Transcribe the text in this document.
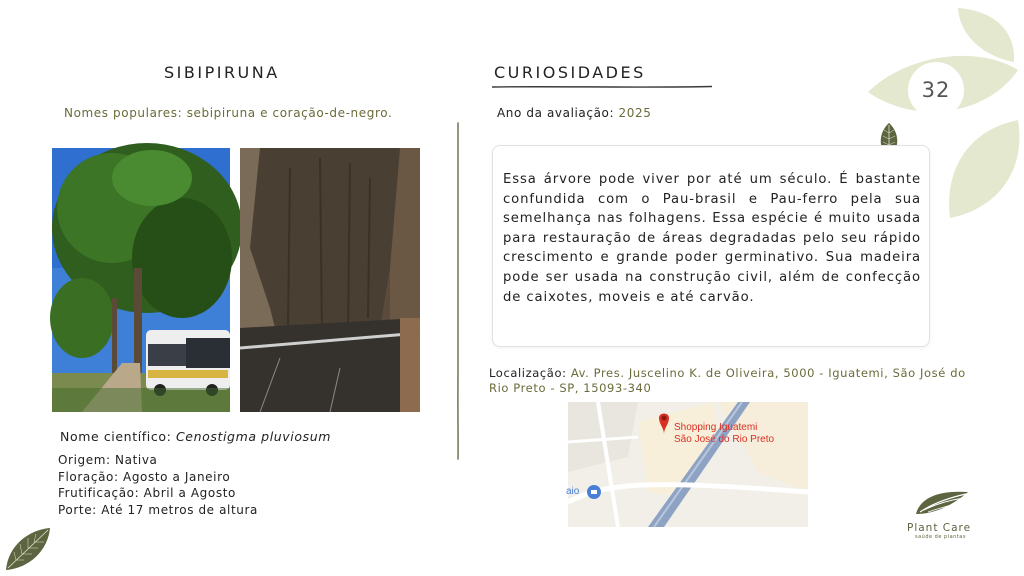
32
SIBIPIRUNA
Nomes populares: sebipiruna e coração-de-negro.
Nome científico: Cenostigma pluviosum
Origem: Nativa
Floração: Agosto a Janeiro
Frutificação: Abril a Agosto
Porte: Até 17 metros de altura
CURIOSIDADES
Ano da avaliação: 2025
Essa árvore pode viver por até um século. É bastante confundida com o Pau-brasil e Pau-ferro pela sua semelhança nas folhagens. Essa espécie é muito usada para restauração de áreas degradadas pelo seu rápido crescimento e grande poder germinativo. Sua madeira pode ser usada na construção civil, além de confecção de caixotes, moveis e até carvão.
Localização: Av. Pres. Juscelino K. de Oliveira, 5000 - Iguatemi, São José do Rio Preto - SP, 15093-340
Shopping Iguatemi
São José do Rio Preto
aio
Plant Care
saúde de plantas
